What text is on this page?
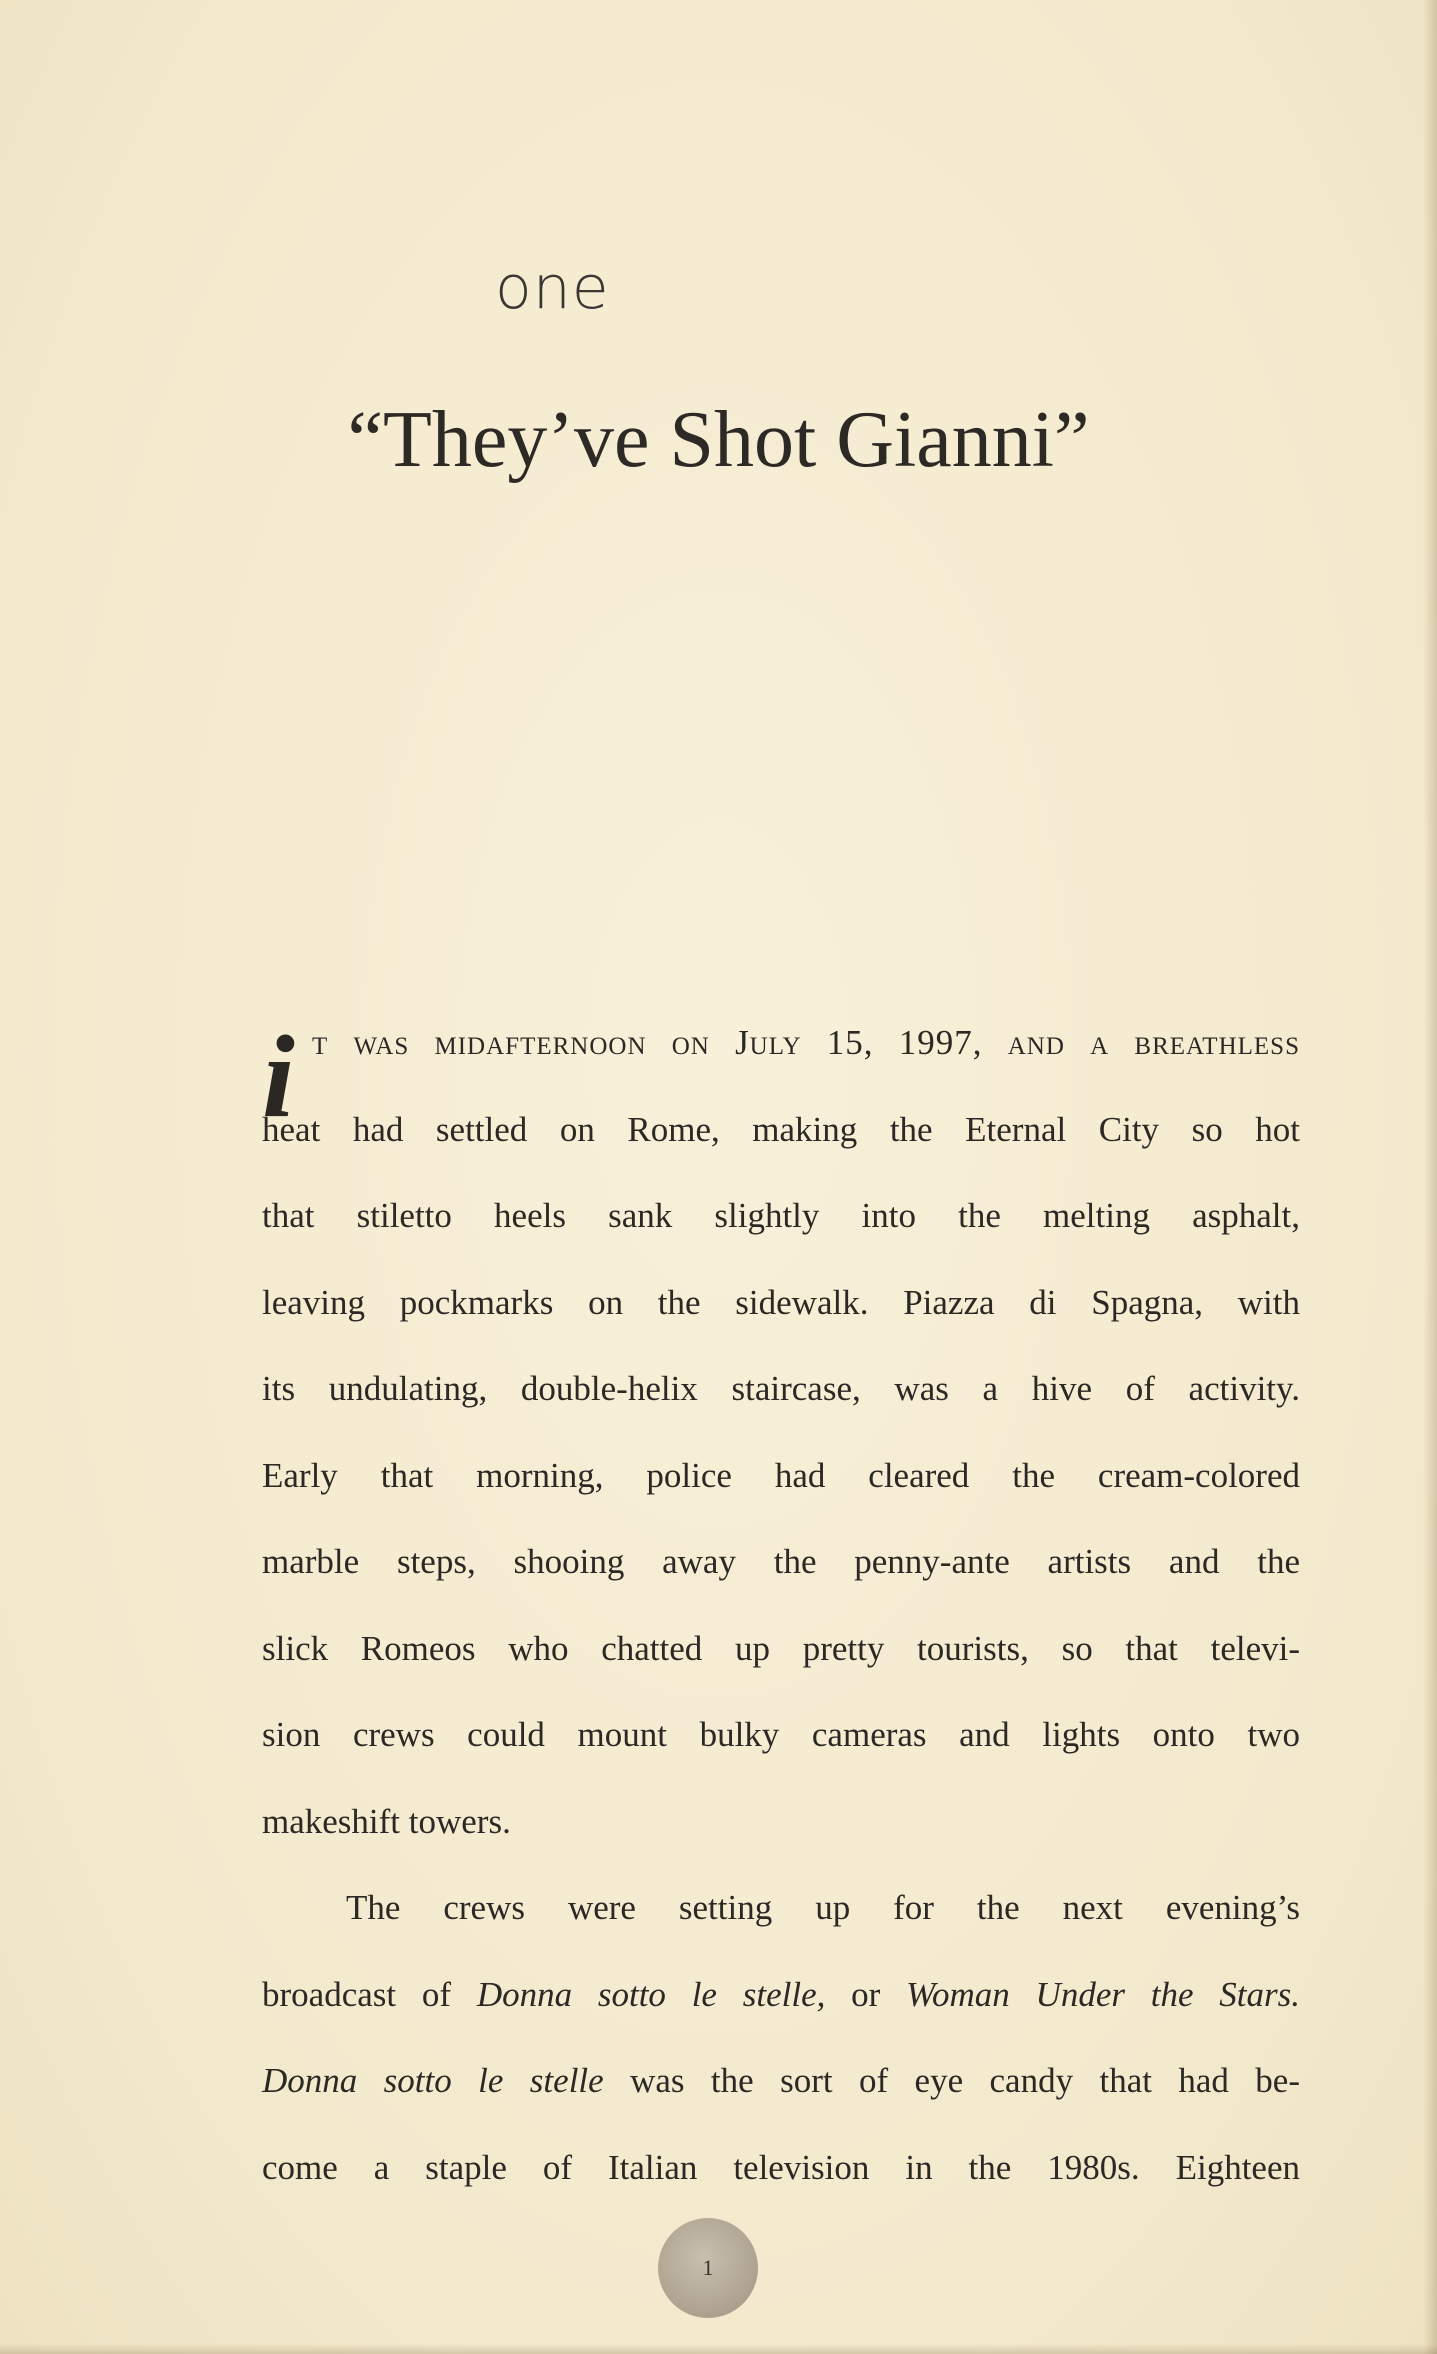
one
“They’ve Shot Gianni”

i t was midafternoon on July 15, 1997, and a breathless
heat had settled on Rome, making the Eternal City so hot
that stiletto heels sank slightly into the melting asphalt,
leaving pockmarks on the sidewalk. Piazza di Spagna, with
its undulating, double-helix staircase, was a hive of activity.
Early that morning, police had cleared the cream-colored
marble steps, shooing away the penny-ante artists and the
slick Romeos who chatted up pretty tourists, so that televi-
sion crews could mount bulky cameras and lights onto two
makeshift towers.

The crews were setting up for the next evening’s
broadcast of Donna sotto le stelle, or Woman Under the Stars.
Donna sotto le stelle was the sort of eye candy that had be-
come a staple of Italian television in the 1980s. Eighteen

1
